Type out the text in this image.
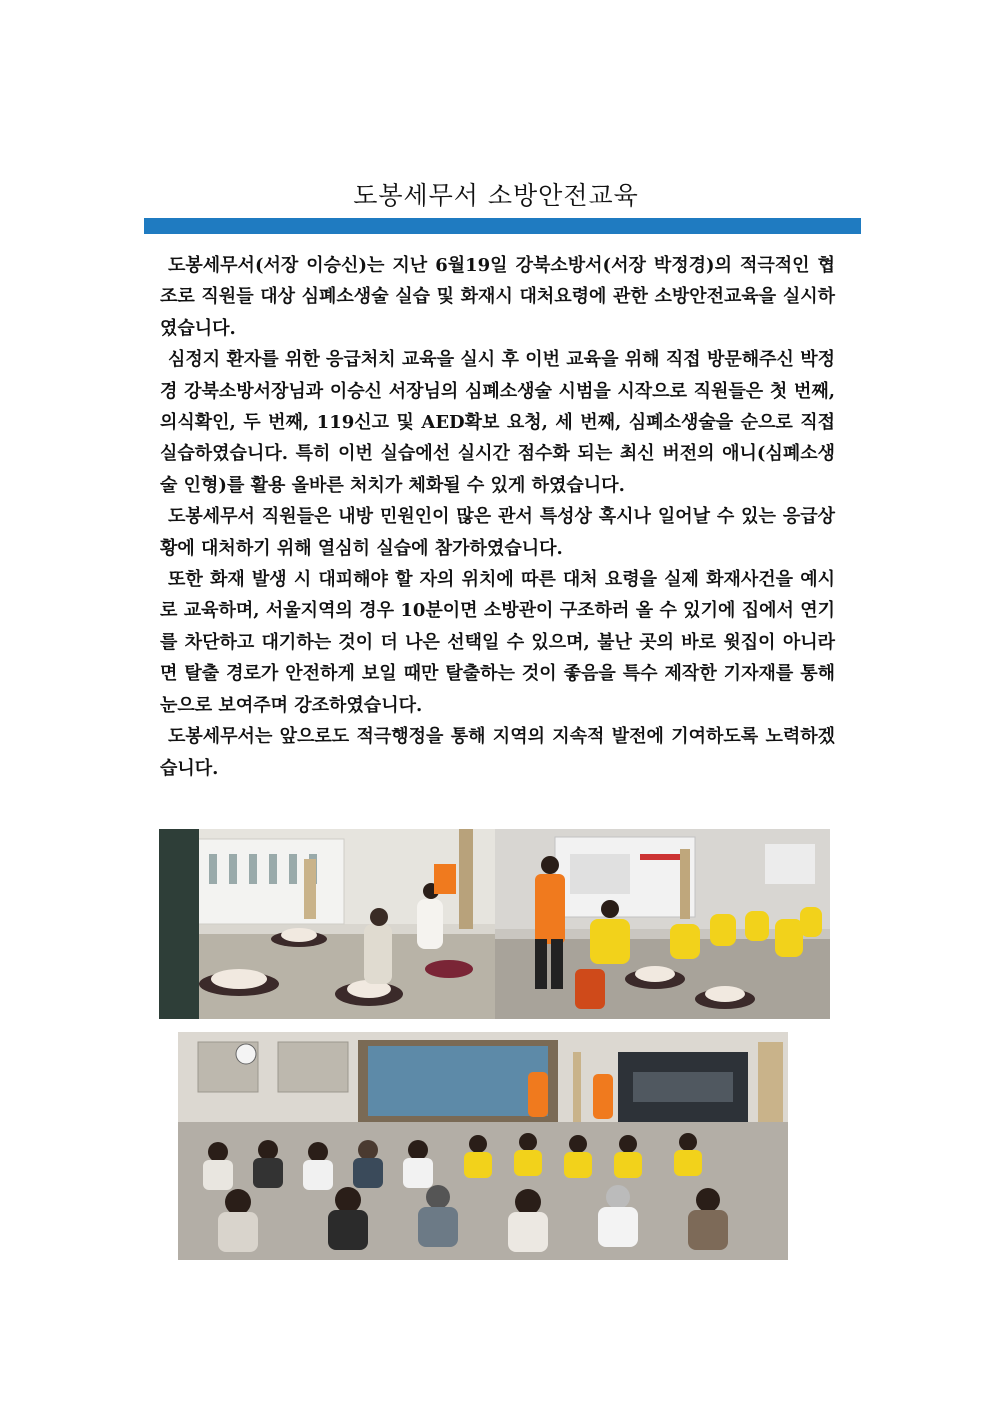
도봉세무서 소방안전교육

도봉세무서(서장 이승신)는 지난 6월19일 강북소방서(서장 박정경)의 적극적인 협조로 직원들 대상 심폐소생술 실습 및 화재시 대처요령에 관한 소방안전교육을 실시하였습니다.

심정지 환자를 위한 응급처치 교육을 실시 후 이번 교육을 위해 직접 방문해주신 박정경 강북소방서장님과 이승신 서장님의 심폐소생술 시범을 시작으로 직원들은 첫 번째, 의식확인, 두 번째, 119신고 및 AED확보 요청, 세 번째, 심폐소생술을 순으로 직접 실습하였습니다. 특히 이번 실습에선 실시간 점수화 되는 최신 버전의 애니(심폐소생술 인형)를 활용 올바른 처치가 체화될 수 있게 하였습니다.

도봉세무서 직원들은 내방 민원인이 많은 관서 특성상 혹시나 일어날 수 있는 응급상황에 대처하기 위해 열심히 실습에 참가하였습니다.

또한 화재 발생 시 대피해야 할 자의 위치에 따른 대처 요령을 실제 화재사건을 예시로 교육하며, 서울지역의 경우 10분이면 소방관이 구조하러 올 수 있기에 집에서 연기를 차단하고 대기하는 것이 더 나은 선택일 수 있으며, 불난 곳의 바로 윗집이 아니라면 탈출 경로가 안전하게 보일 때만 탈출하는 것이 좋음을 특수 제작한 기자재를 통해 눈으로 보여주며 강조하였습니다.

도봉세무서는 앞으로도 적극행정을 통해 지역의 지속적 발전에 기여하도록 노력하겠습니다.
